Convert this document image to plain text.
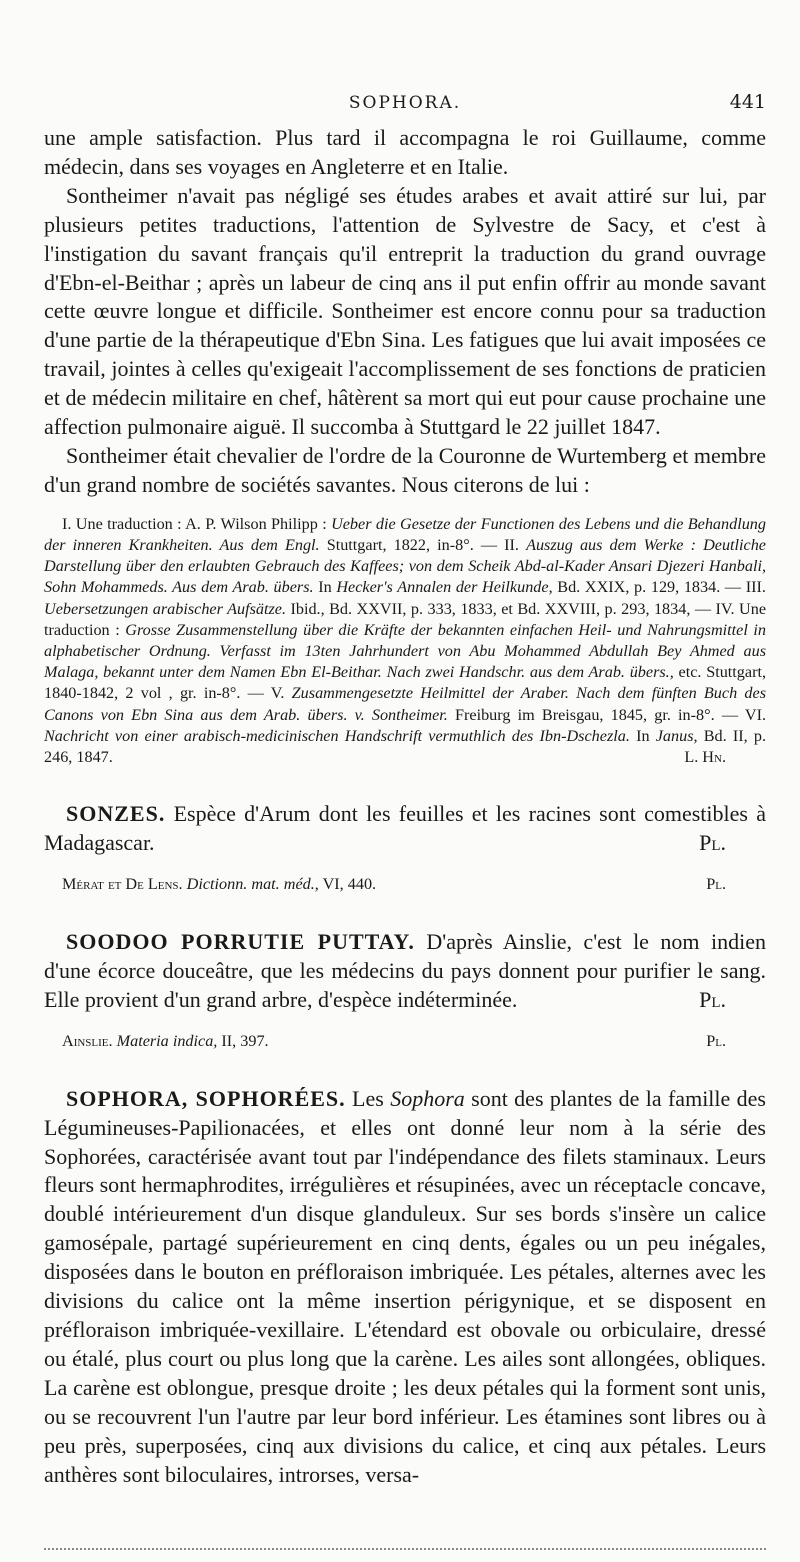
SOPHORA.	441

une ample satisfaction. Plus tard il accompagna le roi Guillaume, comme médecin, dans ses voyages en Angleterre et en Italie.

Sontheimer n'avait pas négligé ses études arabes et avait attiré sur lui, par plusieurs petites traductions, l'attention de Sylvestre de Sacy, et c'est à l'instigation du savant français qu'il entreprit la traduction du grand ouvrage d'Ebn-el-Beithar ; après un labeur de cinq ans il put enfin offrir au monde savant cette œuvre longue et difficile. Sontheimer est encore connu pour sa traduction d'une partie de la thérapeutique d'Ebn Sina. Les fatigues que lui avait imposées ce travail, jointes à celles qu'exigeait l'accomplissement de ses fonctions de praticien et de médecin militaire en chef, hâtèrent sa mort qui eut pour cause prochaine une affection pulmonaire aiguë. Il succomba à Stuttgard le 22 juillet 1847.

Sontheimer était chevalier de l'ordre de la Couronne de Wurtemberg et membre d'un grand nombre de sociétés savantes. Nous citerons de lui :

I. Une traduction : A. P. Wilson Philipp : Ueber die Gesetze der Functionen des Lebens und die Behandlung der inneren Krankheiten. Aus dem Engl. Stuttgart, 1822, in-8°. — II. Auszug aus dem Werke : Deutliche Darstellung über den erlaubten Gebrauch des Kaffees; von dem Scheik Abd-al-Kader Ansari Djezeri Hanbali, Sohn Mohammeds. Aus dem Arab. übers. In Hecker's Annalen der Heilkunde, Bd. XXIX, p. 129, 1834. — III. Uebersetzungen arabischer Aufsätze. Ibid., Bd. XXVII, p. 333, 1833, et Bd. XXVIII, p. 293, 1834, — IV. Une traduction : Grosse Zusammenstellung über die Kräfte der bekannten einfachen Heil- und Nahrungsmittel in alphabetischer Ordnung. Verfasst im 13ten Jahrhundert von Abu Mohammed Abdullah Bey Ahmed aus Malaga, bekannt unter dem Namen Ebn El-Beithar. Nach zwei Handschr. aus dem Arab. übers., etc. Stuttgart, 1840-1842, 2 vol , gr. in-8°. — V. Zusammengesetzte Heilmittel der Araber. Nach dem fünften Buch des Canons von Ebn Sina aus dem Arab. übers. v. Sontheimer. Freiburg im Breisgau, 1845, gr. in-8°. — VI. Nachricht von einer arabisch-medicinischen Handschrift vermuthlich des Ibn-Dschezla. In Janus, Bd. II, p. 246, 1847.	L. Hn.

SONZES. Espèce d'Arum dont les feuilles et les racines sont comestibles à Madagascar.	Pl.

Mérat et De Lens. Dictionn. mat. méd., VI, 440.	Pl.

SOODOO PORRUTIE PUTTAY. D'après Ainslie, c'est le nom indien d'une écorce douceâtre, que les médecins du pays donnent pour purifier le sang. Elle provient d'un grand arbre, d'espèce indéterminée.	Pl.

Ainslie. Materia indica, II, 397.	Pl.

SOPHORA, SOPHORÉES. Les Sophora sont des plantes de la famille des Légumineuses-Papilionacées, et elles ont donné leur nom à la série des Sophorées, caractérisée avant tout par l'indépendance des filets staminaux. Leurs fleurs sont hermaphrodites, irrégulières et résupinées, avec un réceptacle concave, doublé intérieurement d'un disque glanduleux. Sur ses bords s'insère un calice gamosépale, partagé supérieurement en cinq dents, égales ou un peu inégales, disposées dans le bouton en préfloraison imbriquée. Les pétales, alternes avec les divisions du calice ont la même insertion périgynique, et se disposent en préfloraison imbriquée-vexillaire. L'étendard est obovale ou orbiculaire, dressé ou étalé, plus court ou plus long que la carène. Les ailes sont allongées, obliques. La carène est oblongue, presque droite ; les deux pétales qui la forment sont unis, ou se recouvrent l'un l'autre par leur bord inférieur. Les étamines sont libres ou à peu près, superposées, cinq aux divisions du calice, et cinq aux pétales. Leurs anthères sont biloculaires, introrses, versa-
